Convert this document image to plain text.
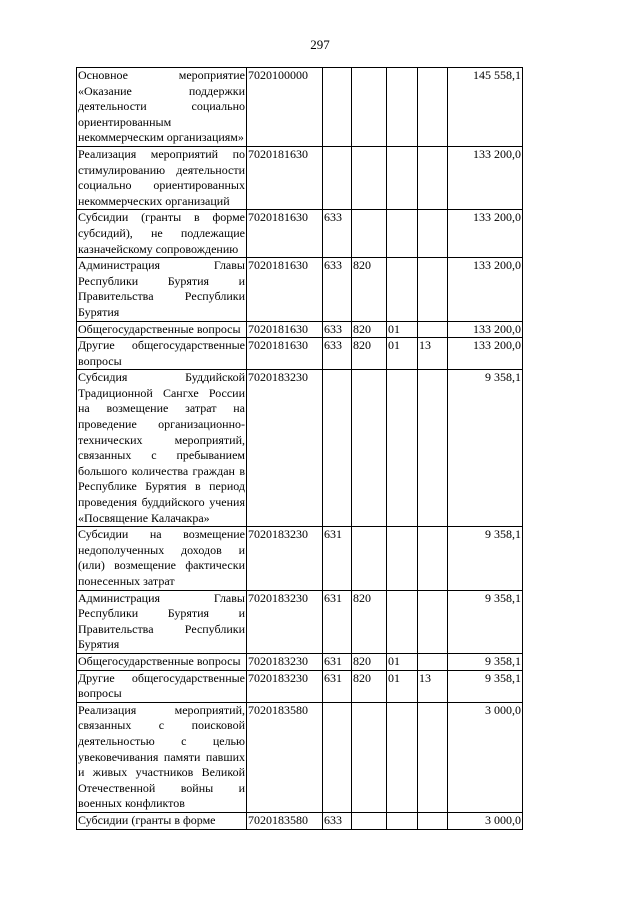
297
Основное мероприятие «Оказание поддержки деятельности социально ориентированным некоммерческим организациям»	7020100000					145 558,1
Реализация мероприятий по стимулированию деятельности социально ориентированных некоммерческих организаций	7020181630					133 200,0
Субсидии (гранты в форме субсидий), не подлежащие казначейскому сопровождению	7020181630	633				133 200,0
Администрация Главы Республики Бурятия и Правительства Республики Бурятия	7020181630	633	820			133 200,0
Общегосударственные вопросы	7020181630	633	820	01		133 200,0
Другие общегосударственные вопросы	7020181630	633	820	01	13	133 200,0
Субсидия Буддийской Традиционной Сангхе России на возмещение затрат на проведение организационно-технических мероприятий, связанных с пребыванием большого количества граждан в Республике Бурятия в период проведения буддийского учения «Посвящение Калачакра»	7020183230					9 358,1
Субсидии на возмещение недополученных доходов и (или) возмещение фактически понесенных затрат	7020183230	631				9 358,1
Администрация Главы Республики Бурятия и Правительства Республики Бурятия	7020183230	631	820			9 358,1
Общегосударственные вопросы	7020183230	631	820	01		9 358,1
Другие общегосударственные вопросы	7020183230	631	820	01	13	9 358,1
Реализация мероприятий, связанных с поисковой деятельностью с целью увековечивания памяти павших и живых участников Великой Отечественной войны и военных конфликтов	7020183580					3 000,0
Субсидии (гранты в форме	7020183580	633				3 000,0
